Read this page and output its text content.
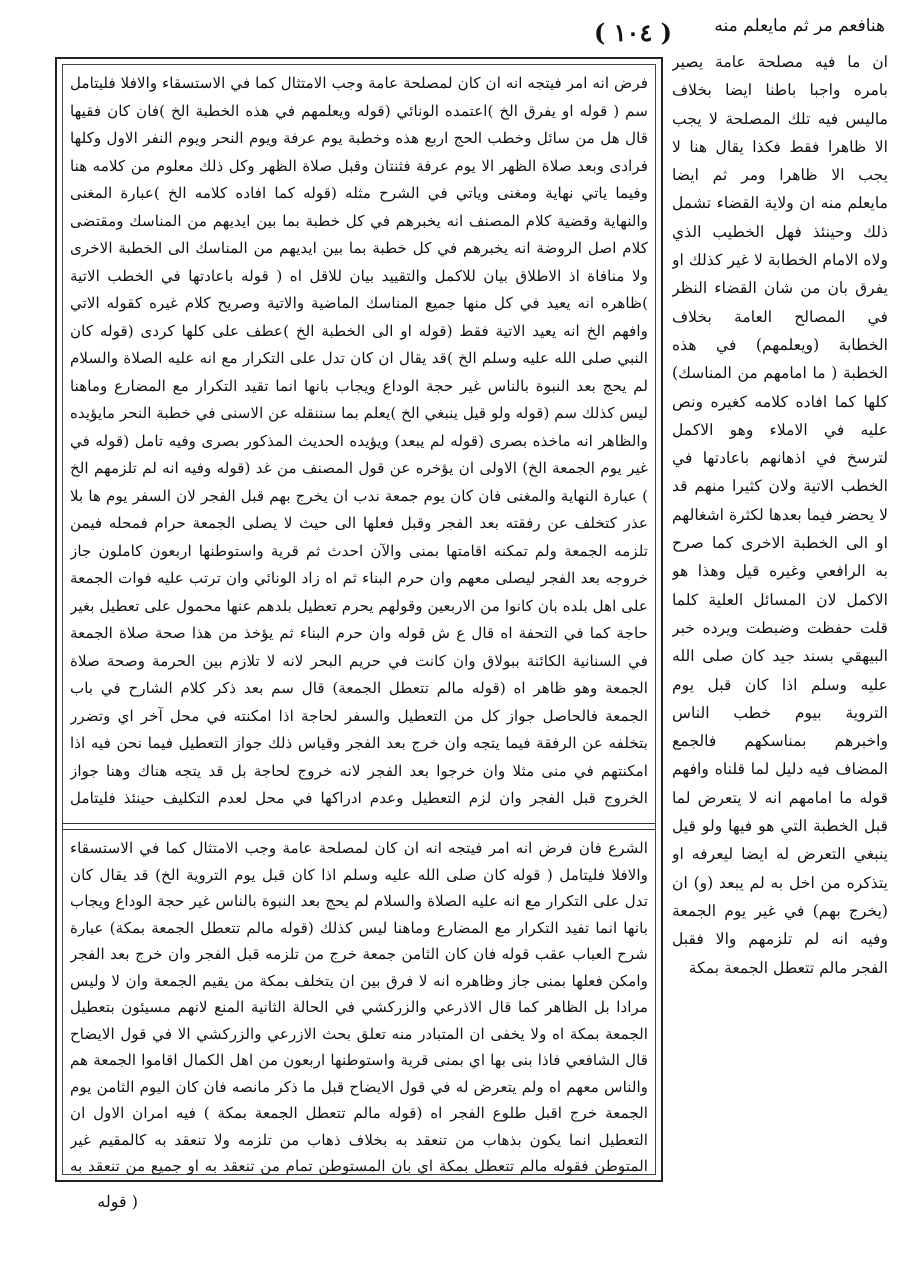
هنافعم مر ثم مايعلم منه
( ١٠٤ )
ان ما فيه مصلحة عامة يصير بامره واجبا باطنا ايضا بخلاف ماليس فيه تلك المصلحة لا يجب الا ظاهرا فقط فكذا يقال هنا لا يجب الا ظاهرا ومر ثم ايضا مايعلم منه ان ولاية القضاء تشمل ذلك وحينئذ فهل الخطيب الذي ولاه الامام الخطابة لا غير كذلك او يفرق بان من شان القضاء النظر في المصالح العامة بخلاف الخطابة (ويعلمهم) في هذه الخطبة ( ما امامهم من المناسك) كلها كما افاده كلامه كغيره ونص عليه في الاملاء وهو الاكمل لترسخ في اذهانهم باعادتها في الخطب الاتية ولان كثيرا منهم قد لا يحضر فيما بعدها لكثرة اشغالهم او الى الخطبة الاخرى كما صرح به الرافعي وغيره قيل وهذا هو الاكمل لان المسائل العلية كلما قلت حفظت وضبطت ويرده خبر البيهقي بسند جيد كان صلى الله عليه وسلم اذا كان قبل يوم التروية بيوم خطب الناس واخبرهم بمناسكهم فالجمع المضاف فيه دليل لما قلناه وافهم قوله ما امامهم انه لا يتعرض لما قبل الخطبة التي هو فيها ولو قيل ينبغي التعرض له ايضا ليعرفه او يتذكره من اخل به لم يبعد (و) ان (يخرج بهم) في غير يوم الجمعة وفيه انه لم تلزمهم والا فقبل الفجر مالم تتعطل الجمعة بمكة
فرض انه امر فيتجه انه ان كان لمصلحة عامة وجب الامتثال كما في الاستسقاء والافلا فليتامل سم ( قوله او يفرق الخ )اعتمده الونائي (قوله ويعلمهم في هذه الخطبة الخ )فان كان فقيها قال هل من سائل وخطب الحج اربع هذه وخطبة يوم عرفة ويوم النحر ويوم النفر الاول وكلها فرادى وبعد صلاة الظهر الا يوم عرفة فثنتان وقبل صلاة الظهر وكل ذلك معلوم من كلامه هنا وفيما ياتي نهاية ومغنى وياتي في الشرح مثله (قوله كما افاده كلامه الخ )عبارة المغنى والنهاية وقضية كلام المصنف انه يخبرهم في كل خطبة بما بين ايديهم من المناسك ومقتضى كلام اصل الروضة انه يخبرهم في كل خطبة بما بين ايديهم من المناسك الى الخطبة الاخرى ولا منافاة اذ الاطلاق بيان للاكمل والتقييد بيان للاقل اه ( قوله باعادتها في الخطب الاتية )ظاهره انه يعيد في كل منها جميع المناسك الماضية والاتية وصريح كلام غيره كقوله الاتي وافهم الخ انه يعيد الاتية فقط (قوله او الى الخطبة الخ )عطف على كلها كردى (قوله كان النبي صلى الله عليه وسلم الخ )قد يقال ان كان تدل على التكرار مع انه عليه الصلاة والسلام لم يحج بعد النبوة بالناس غير حجة الوداع ويجاب بانها انما تقيد التكرار مع المضارع وماهنا ليس كذلك سم (قوله ولو قيل ينبغي الخ )يعلم بما سننقله عن الاسنى في خطبة النحر مايؤيده والظاهر انه ماخذه بصرى (قوله لم يبعد) ويؤيده الحديث المذكور بصرى وفيه تامل (قوله في غير يوم الجمعة الخ) الاولى ان يؤخره عن قول المصنف من غد (قوله وفيه انه لم تلزمهم الخ ) عبارة النهاية والمغنى فان كان يوم جمعة ندب ان يخرج بهم قبل الفجر لان السفر يوم ها بلا عذر كتخلف عن رفقته بعد الفجر وقبل فعلها الى حيث لا يصلى الجمعة حرام فمحله فيمن تلزمه الجمعة ولم تمكنه اقامتها بمنى والآن احدث ثم قرية واستوطنها اربعون كاملون جاز خروجه بعد الفجر ليصلى معهم وان حرم البناء ثم اه زاد الونائي وان ترتب عليه فوات الجمعة على اهل بلده بان كانوا من الاربعين وقولهم يحرم تعطيل بلدهم عنها محمول على تعطيل بغير حاجة كما في التحفة اه قال ع ش قوله وان حرم البناء ثم يؤخذ من هذا صحة صلاة الجمعة في السنانية الكائنة ببولاق وان كانت في حريم البحر لانه لا تلازم بين الحرمة وصحة صلاة الجمعة وهو ظاهر اه (قوله مالم تتعطل الجمعة) قال سم بعد ذكر كلام الشارح في باب الجمعة فالحاصل جواز كل من التعطيل والسفر لحاجة اذا امكنته في محل آخر اي وتضرر بتخلفه عن الرفقة فيما يتجه وان خرج بعد الفجر وقياس ذلك جواز التعطيل فيما نحن فيه اذا امكنتهم في منى مثلا وان خرجوا بعد الفجر لانه خروج لحاجة بل قد يتجه هناك وهنا جواز الخروج قبل الفجر وان لزم التعطيل وعدم ادراكها في محل لعدم التكليف حينئذ فليتامل
الشرع فان فرض انه امر فيتجه انه ان كان لمصلحة عامة وجب الامتثال كما في الاستسقاء والافلا فليتامل ( قوله كان صلى الله عليه وسلم اذا كان قبل يوم التروية الخ) قد يقال كان تدل على التكرار مع انه عليه الصلاة والسلام لم يحج بعد النبوة بالناس غير حجة الوداع ويجاب بانها انما تفيد التكرار مع المضارع وماهنا ليس كذلك (قوله مالم تتعطل الجمعة بمكة) عبارة شرح العباب عقب قوله فان كان الثامن جمعة خرج من تلزمه قبل الفجر وان خرج بعد الفجر وامكن فعلها بمنى جاز وظاهره انه لا فرق بين ان يتخلف بمكة من يقيم الجمعة وان لا وليس مرادا بل الظاهر كما قال الاذرعي والزركشي في الحالة الثانية المنع لانهم مسيئون بتعطيل الجمعة بمكة اه ولا يخفى ان المتبادر منه تعلق بحث الازرعي والزركشي الا في قول الايضاح قال الشافعي فاذا بنى بها اي بمنى قرية واستوطنها اربعون من اهل الكمال اقاموا الجمعة هم والناس معهم اه ولم يتعرض له في قول الايضاح قبل ما ذكر مانصه فان كان اليوم الثامن يوم الجمعة خرج اقبل طلوع الفجر اه (قوله مالم تتعطل الجمعة بمكة ) فيه امران الاول ان التعطيل انما يكون بذهاب من تنعقد به بخلاف ذهاب من تلزمه ولا تنعقد به كالمقيم غير المتوطن فقوله مالم تتعطل بمكة اي بان المستوطن تمام من تنعقد به او جميع من تنعقد به
( قوله
